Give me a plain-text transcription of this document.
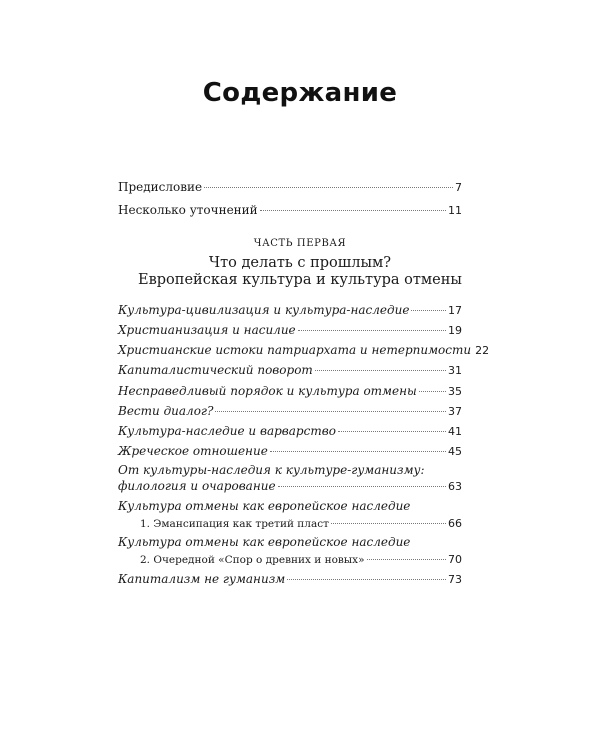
Содержание
Предисловие	7
Несколько уточнений	11
ЧАСТЬ ПЕРВАЯ
Что делать с прошлым?
Европейская культура и культура отмены
Культура-цивилизация и культура-наследие	17
Христианизация и насилие	19
Христианские истоки патриархата и нетерпимости 22
Капиталистический поворот	31
Несправедливый порядок и культура отмены	35
Вести диалог?	37
Культура-наследие и варварство	41
Жреческое отношение	45
От культуры-наследия к культуре-гуманизму:
филология и очарование	63
Культура отмены как европейское наследие
1. Эмансипация как третий пласт	66
Культура отмены как европейское наследие
2. Очередной «Спор о древних и новых»	70
Капитализм не гуманизм	73
